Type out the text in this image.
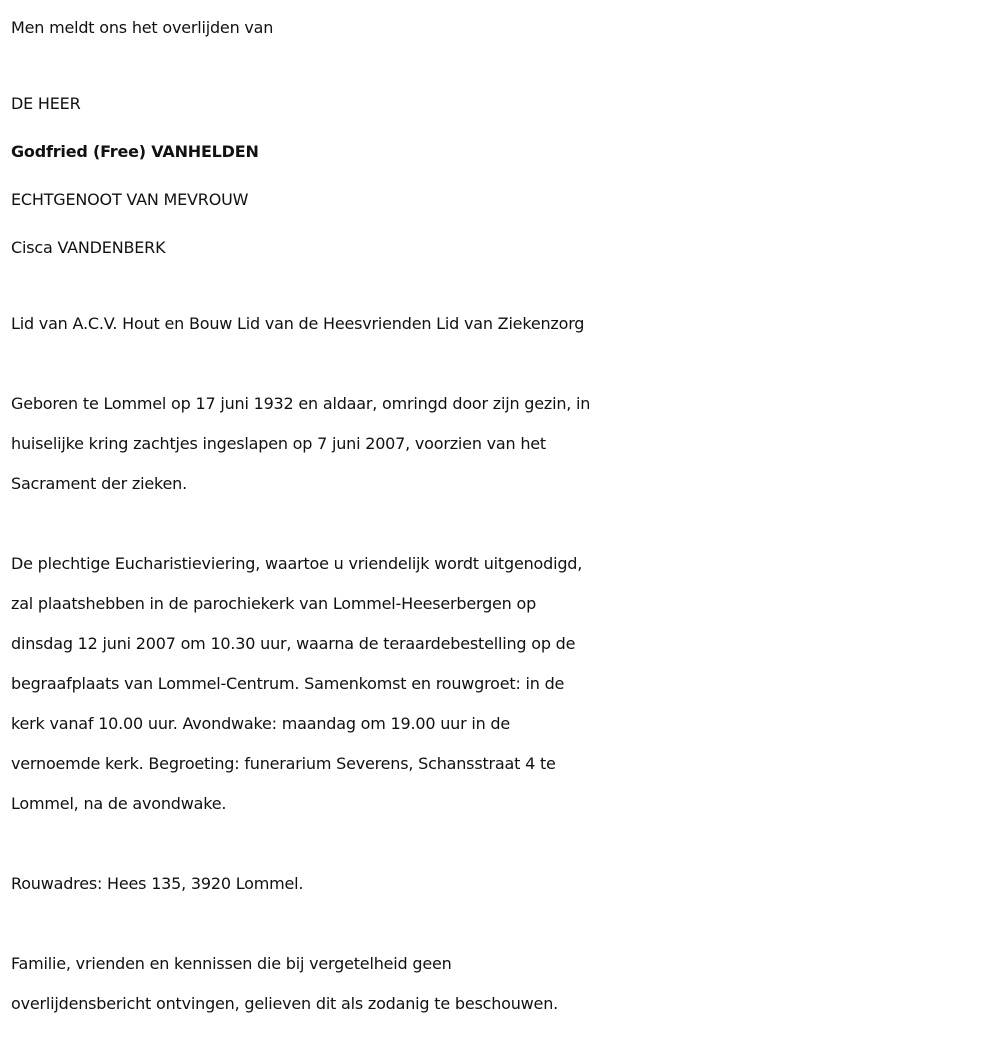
Men meldt ons het overlijden van

DE HEER

Godfried (Free) VANHELDEN

ECHTGENOOT VAN MEVROUW

Cisca VANDENBERK

Lid van A.C.V. Hout en Bouw Lid van de Heesvrienden Lid van Ziekenzorg

Geboren te Lommel op 17 juni 1932 en aldaar, omringd door zijn gezin, in

huiselijke kring zachtjes ingeslapen op 7 juni 2007, voorzien van het

Sacrament der zieken.

De plechtige Eucharistieviering, waartoe u vriendelijk wordt uitgenodigd,

zal plaatshebben in de parochiekerk van Lommel-Heeserbergen op

dinsdag 12 juni 2007 om 10.30 uur, waarna de teraardebestelling op de

begraafplaats van Lommel-Centrum. Samenkomst en rouwgroet: in de

kerk vanaf 10.00 uur. Avondwake: maandag om 19.00 uur in de

vernoemde kerk. Begroeting: funerarium Severens, Schansstraat 4 te

Lommel, na de avondwake.

Rouwadres: Hees 135, 3920 Lommel.

Familie, vrienden en kennissen die bij vergetelheid geen

overlijdensbericht ontvingen, gelieven dit als zodanig te beschouwen.
